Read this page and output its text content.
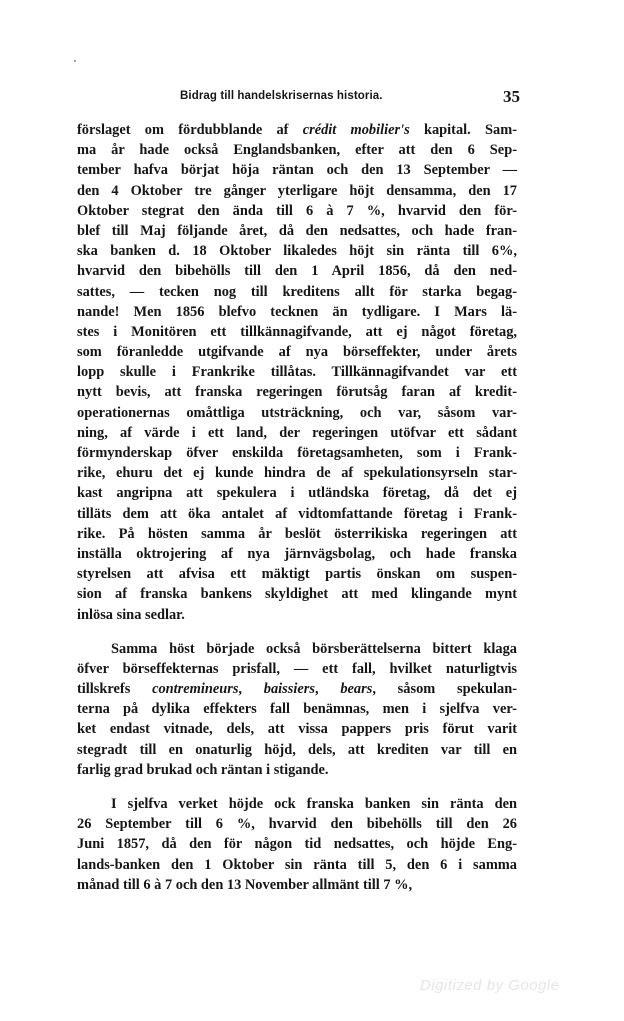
Bidrag till handelskrisernas historia.	35
förslaget om fördubblande af crédit mobilier's kapital. Sam-
ma år hade också Englandsbanken, efter att den 6 Sep-
tember hafva börjat höja räntan och den 13 September —
den 4 Oktober tre gånger yterligare höjt densamma, den 17
Oktober stegrat den ända till 6 à 7 %, hvarvid den för-
blef till Maj följande året, då den nedsattes, och hade fran-
ska banken d. 18 Oktober likaledes höjt sin ränta till 6%,
hvarvid den bibehölls till den 1 April 1856, då den ned-
sattes, — tecken nog till kreditens allt för starka begag-
nande! Men 1856 blefvo tecknen än tydligare. I Mars lä-
stes i Monitören ett tillkännagifvande, att ej något företag,
som föranledde utgifvande af nya börseffekter, under årets
lopp skulle i Frankrike tillåtas. Tillkännagifvandet var ett
nytt bevis, att franska regeringen förutsåg faran af kredit-
operationernas omåttliga utsträckning, och var, såsom var-
ning, af värde i ett land, der regeringen utöfvar ett sådant
förmynderskap öfver enskilda företagsamheten, som i Frank-
rike, ehuru det ej kunde hindra de af spekulationsyrseln star-
kast angripna att spekulera i utländska företag, då det ej
tilläts dem att öka antalet af vidtomfattande företag i Frank-
rike. På hösten samma år beslöt österrikiska regeringen att
inställa oktrojering af nya järnvägsbolag, och hade franska
styrelsen att afvisa ett mäktigt partis önskan om suspen-
sion af franska bankens skyldighet att med klingande mynt
inlösa sina sedlar.
Samma höst började också börsberättelserna bittert klaga
öfver börseffekternas prisfall, — ett fall, hvilket naturligtvis
tillskrefs contremineurs, baissiers, bears, såsom spekulan-
terna på dylika effekters fall benämnas, men i sjelfva ver-
ket endast vitnade, dels, att vissa pappers pris förut varit
stegradt till en onaturlig höjd, dels, att krediten var till en
farlig grad brukad och räntan i stigande.
I sjelfva verket höjde ock franska banken sin ränta den
26 September till 6 %, hvarvid den bibehölls till den 26
Juni 1857, då den för någon tid nedsattes, och höjde Eng-
lands-banken den 1 Oktober sin ränta till 5, den 6 i samma
månad till 6 à 7 och den 13 November allmänt till 7 %,
Digitized by Google
